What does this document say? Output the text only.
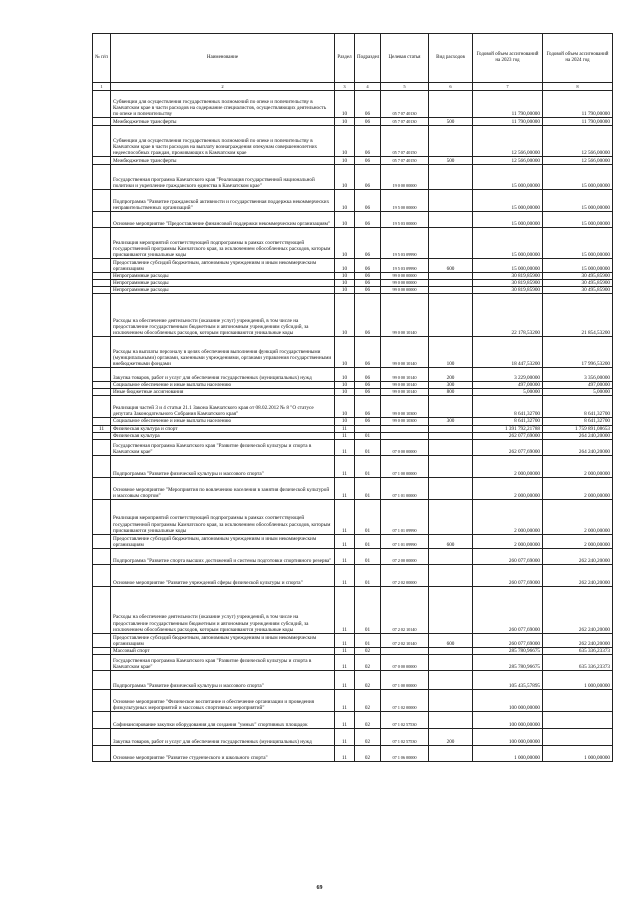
№ п/п	Наименование	Раздел	Подраздел	Целевая статья	Вид расходов	Годовой объем ассигнований на 2023 год	Годовой объем ассигнований на 2024 год
1	2	3	4	5	6	7	8
	Субвенции для осуществления государственных полномочий по опеке и попечительству в Камчатском крае в части расходов на содержание специалистов, осуществляющих деятельность по опеке и попечительству	10	06	05 7 07 40130		11 790,00000	11 790,00000
	Межбюджетные трансферты	10	06	05 7 07 40130	500	11 790,00000	11 790,00000
	Субвенции для осуществления государственных полномочий по опеке и попечительству в Камчатском крае в части расходов на выплату вознаграждения опекунам совершеннолетних недееспособных граждан, проживающих в Камчатском крае	10	06	05 7 07 40150		12 566,00000	12 566,00000
	Межбюджетные трансферты	10	06	05 7 07 40150	500	12 566,00000	12 566,00000
	Государственная программа Камчатского края "Реализация государственной национальной политики и укрепление гражданского единства в Камчатском крае"	10	06	19 0 00 00000		15 000,00000	15 000,00000
	Подпрограмма "Развитие гражданской активности и государственная поддержка некоммерческих неправительственных организаций"	10	06	19 5 00 00000		15 000,00000	15 000,00000
	Основное мероприятие "Предоставление финансовой поддержки некоммерческим организациям"	10	06	19 5 03 00000		15 000,00000	15 000,00000
	Реализация мероприятий соответствующей подпрограммы в рамках соответствующей государственной программы Камчатского края, за исключением обособленных расходов, которым присваиваются уникальные коды	10	06	19 5 03 09990		15 000,00000	15 000,00000
	Предоставление субсидий бюджетным, автономным учреждениям и иным некоммерческим организациям	10	06	19 5 03 09990	600	15 000,00000	15 000,00000
	Непрограммные расходы	10	06	99 0 00 00000		30 819,85900	30 495,85900
	Непрограммные расходы	10	06	99 0 00 00000		30 819,85900	30 495,85900
	Непрограммные расходы	10	06	99 0 00 00000		30 819,85900	30 495,85900
	Расходы на обеспечение деятельности (оказание услуг) учреждений, в том числе на предоставление государственным бюджетным и автономным учреждениям субсидий, за исключением обособленных расходов, которым присваиваются уникальные коды	10	06	99 0 00 10140		22 178,53200	21 854,53200
	Расходы на выплаты персоналу в целях обеспечения выполнения функций государственными (муниципальными) органами, казенными учреждениями, органами управления государственными внебюджетными фондами	10	06	99 0 00 10140	100	18 447,53200	17 996,53200
	Закупка товаров, работ и услуг для обеспечения государственных (муниципальных) нужд	10	06	99 0 00 10140	200	3 229,00000	3 356,00000
	Социальное обеспечение и иные выплаты населению	10	06	99 0 00 10140	300	497,00000	497,00000
	Иные бюджетные ассигнования	10	06	99 0 00 10140	800	5,00000	5,00000
	Реализация частей 3 и 4 статьи 21.1 Закона Камчатского края от 08.02.2012 № 8 "О статусе депутата Законодательного Собрания Камчатского края"	10	06	99 0 00 10300		8 641,32700	8 641,32700
	Социальное обеспечение и иные выплаты населению	10	06	99 0 00 10300	300	8 641,32700	8 641,32700
11	Физическая культура и спорт	11				1 391 792,21788	1 759 891,08653
	Физическая культура	11	01			262 077,69000	264 240,20000
	Государственная программа Камчатского края "Развитие физической культуры и спорта в Камчатском крае"	11	01	07 0 00 00000		262 077,69000	264 240,20000
	Подпрограмма "Развитие физической культуры и массового спорта"	11	01	07 1 00 00000		2 000,00000	2 000,00000
	Основное мероприятие "Мероприятия по вовлечению населения в занятия физической культурой и массовым спортом"	11	01	07 1 01 00000		2 000,00000	2 000,00000
	Реализация мероприятий соответствующей подпрограммы в рамках соответствующей государственной программы Камчатского края, за исключением обособленных расходов, которым присваиваются уникальные коды	11	01	07 1 01 09990		2 000,00000	2 000,00000
	Предоставление субсидий бюджетным, автономным учреждениям и иным некоммерческим организациям	11	01	07 1 01 09990	600	2 000,00000	2 000,00000
	Подпрограмма "Развитие спорта высших достижений и системы подготовки спортивного резерва"	11	01	07 2 00 00000		260 077,69000	262 240,20000
	Основное мероприятие "Развитие учреждений сферы физической культуры и спорта"	11	01	07 2 02 00000		260 077,69000	262 240,20000
	Расходы на обеспечение деятельности (оказание услуг) учреждений, в том числе на предоставление государственным бюджетным и автономным учреждениям субсидий, за исключением обособленных расходов, которым присваиваются уникальные коды	11	01	07 2 02 10140		260 077,69000	262 240,20000
	Предоставление субсидий бюджетным, автономным учреждениям и иным некоммерческим организациям	11	01	07 2 02 10140	600	260 077,69000	262 240,20000
	Массовый спорт	11	02			285 780,96675	635 336,23373
	Государственная программа Камчатского края "Развитие физической культуры и спорта в Камчатском крае"	11	02	07 0 00 00000		285 780,96675	635 336,23373
	Подпрограмма "Развитие физической культуры и массового спорта"	11	02	07 1 00 00000		105 435,57895	1 000,00000
	Основное мероприятие "Физическое воспитание и обеспечение организации и проведения физкультурных мероприятий и массовых спортивных мероприятий"	11	02	07 1 02 00000		100 000,00000	
	Софинансирование закупки оборудования для создания "умных" спортивных площадок	11	02	07 1 02 57530		100 000,00000	
	Закупка товаров, работ и услуг для обеспечения государственных (муниципальных) нужд	11	02	07 1 02 57530	200	100 000,00000	
	Основное мероприятие "Развитие студенческого и школьного спорта"	11	02	07 1 06 00000		1 000,00000	1 000,00000
69
